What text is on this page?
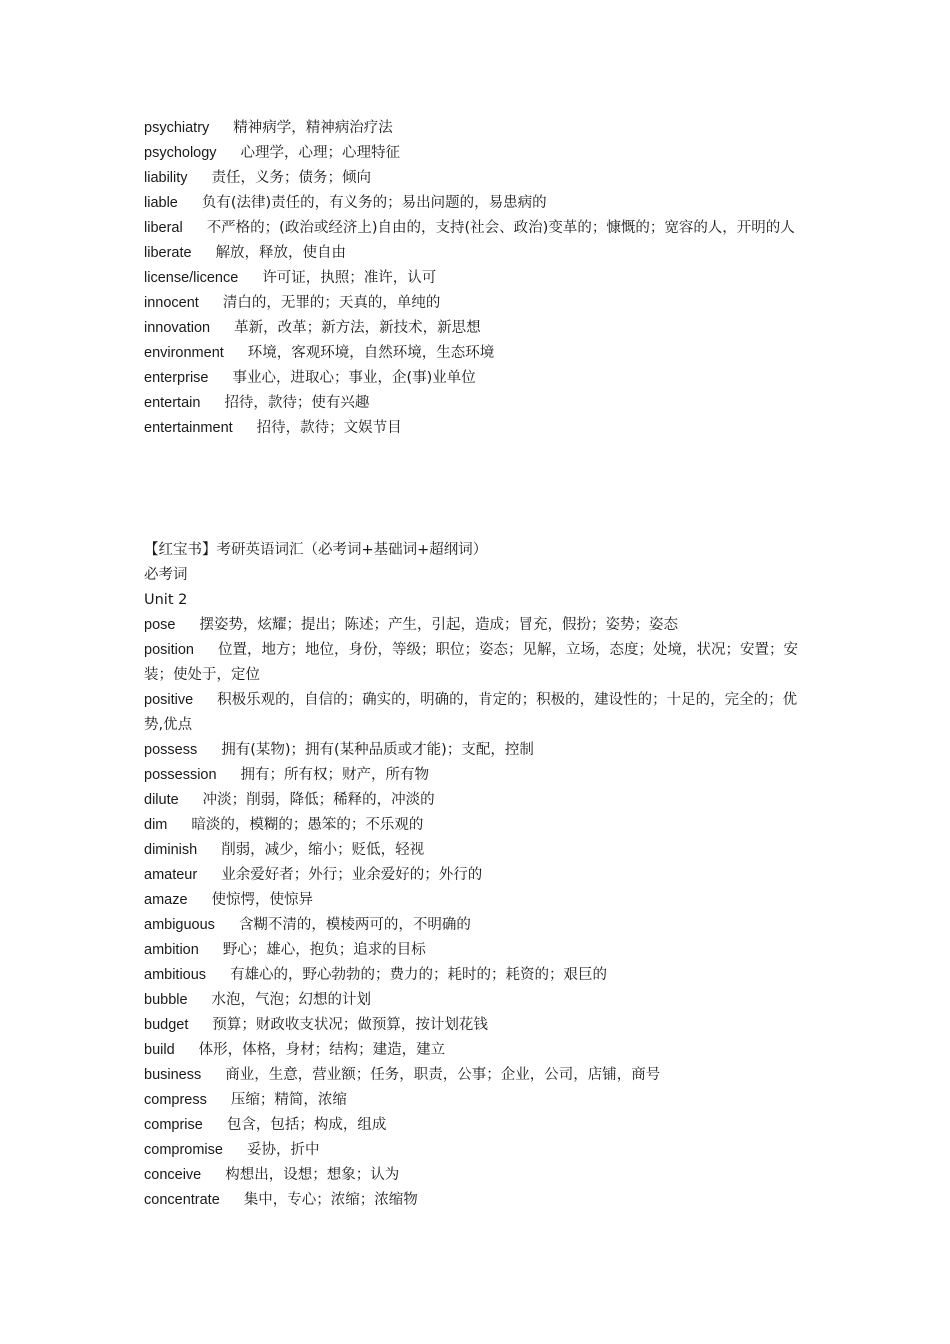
psychiatry 精神病学，精神病治疗法
psychology 心理学，心理；心理特征
liability 责任，义务；债务；倾向
liable 负有(法律)责任的，有义务的；易出问题的，易患病的
liberal 不严格的；(政治或经济上)自由的，支持(社会、政治)变革的；慷慨的；宽容的人，开明的人
liberate 解放，释放，使自由
license/licence 许可证，执照；准许，认可
innocent 清白的，无罪的；天真的，单纯的
innovation 革新，改革；新方法，新技术，新思想
environment 环境，客观环境，自然环境，生态环境
enterprise 事业心，进取心；事业，企(事)业单位
entertain 招待，款待；使有兴趣
entertainment 招待，款待；文娱节目
【红宝书】考研英语词汇（必考词+基础词+超纲词）
必考词
Unit 2
pose 摆姿势，炫耀；提出；陈述；产生，引起，造成；冒充，假扮；姿势；姿态
position 位置，地方；地位，身份，等级；职位；姿态；见解，立场，态度；处境，状况；安置；安装；使处于，定位
positive 积极乐观的，自信的；确实的，明确的，肯定的；积极的，建设性的；十足的，完全的；优势,优点
possess 拥有(某物)；拥有(某种品质或才能)；支配，控制
possession 拥有；所有权；财产，所有物
dilute 冲淡；削弱，降低；稀释的，冲淡的
dim 暗淡的，模糊的；愚笨的；不乐观的
diminish 削弱，减少，缩小；贬低，轻视
amateur 业余爱好者；外行；业余爱好的；外行的
amaze 使惊愕，使惊异
ambiguous 含糊不清的，模棱两可的，不明确的
ambition 野心；雄心，抱负；追求的目标
ambitious 有雄心的，野心勃勃的；费力的；耗时的；耗资的；艰巨的
bubble 水泡，气泡；幻想的计划
budget 预算；财政收支状况；做预算，按计划花钱
build 体形，体格，身材；结构；建造，建立
business 商业，生意，营业额；任务，职责，公事；企业，公司，店铺，商号
compress 压缩；精简，浓缩
comprise 包含，包括；构成，组成
compromise 妥协，折中
conceive 构想出，设想；想象；认为
concentrate 集中，专心；浓缩；浓缩物
